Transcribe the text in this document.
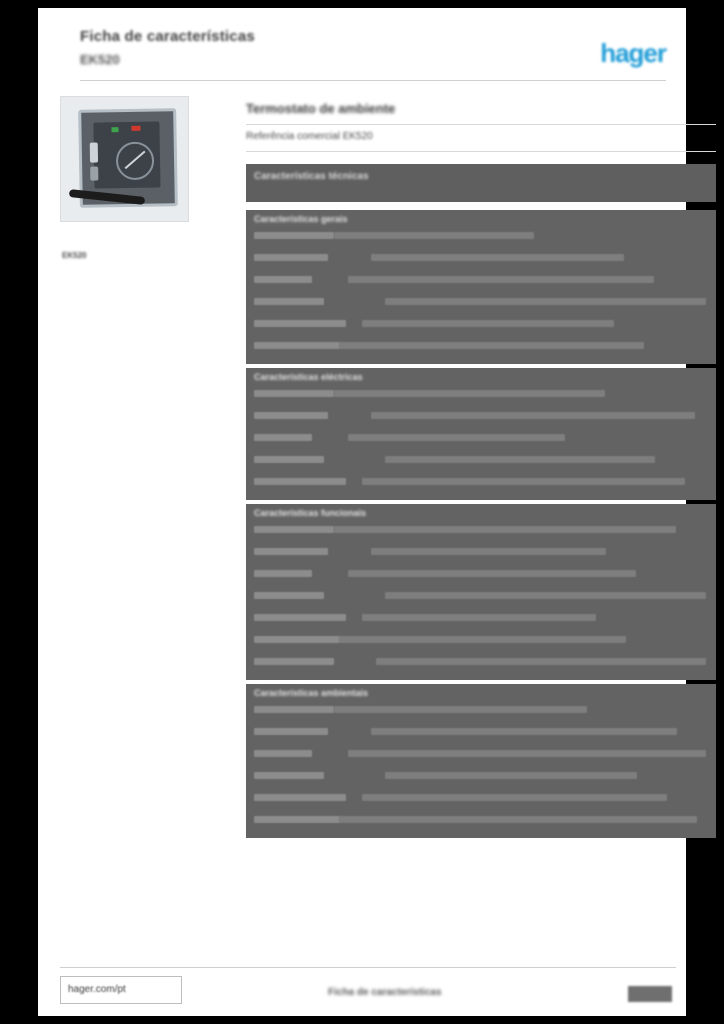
Ficha de características
EK520	hager
EK520
Termostato de ambiente
Referência comercial EK520
Características técnicas
Características gerais
Características eléctricas
Características funcionais
Características ambientais
hager.com/pt	Ficha de características
